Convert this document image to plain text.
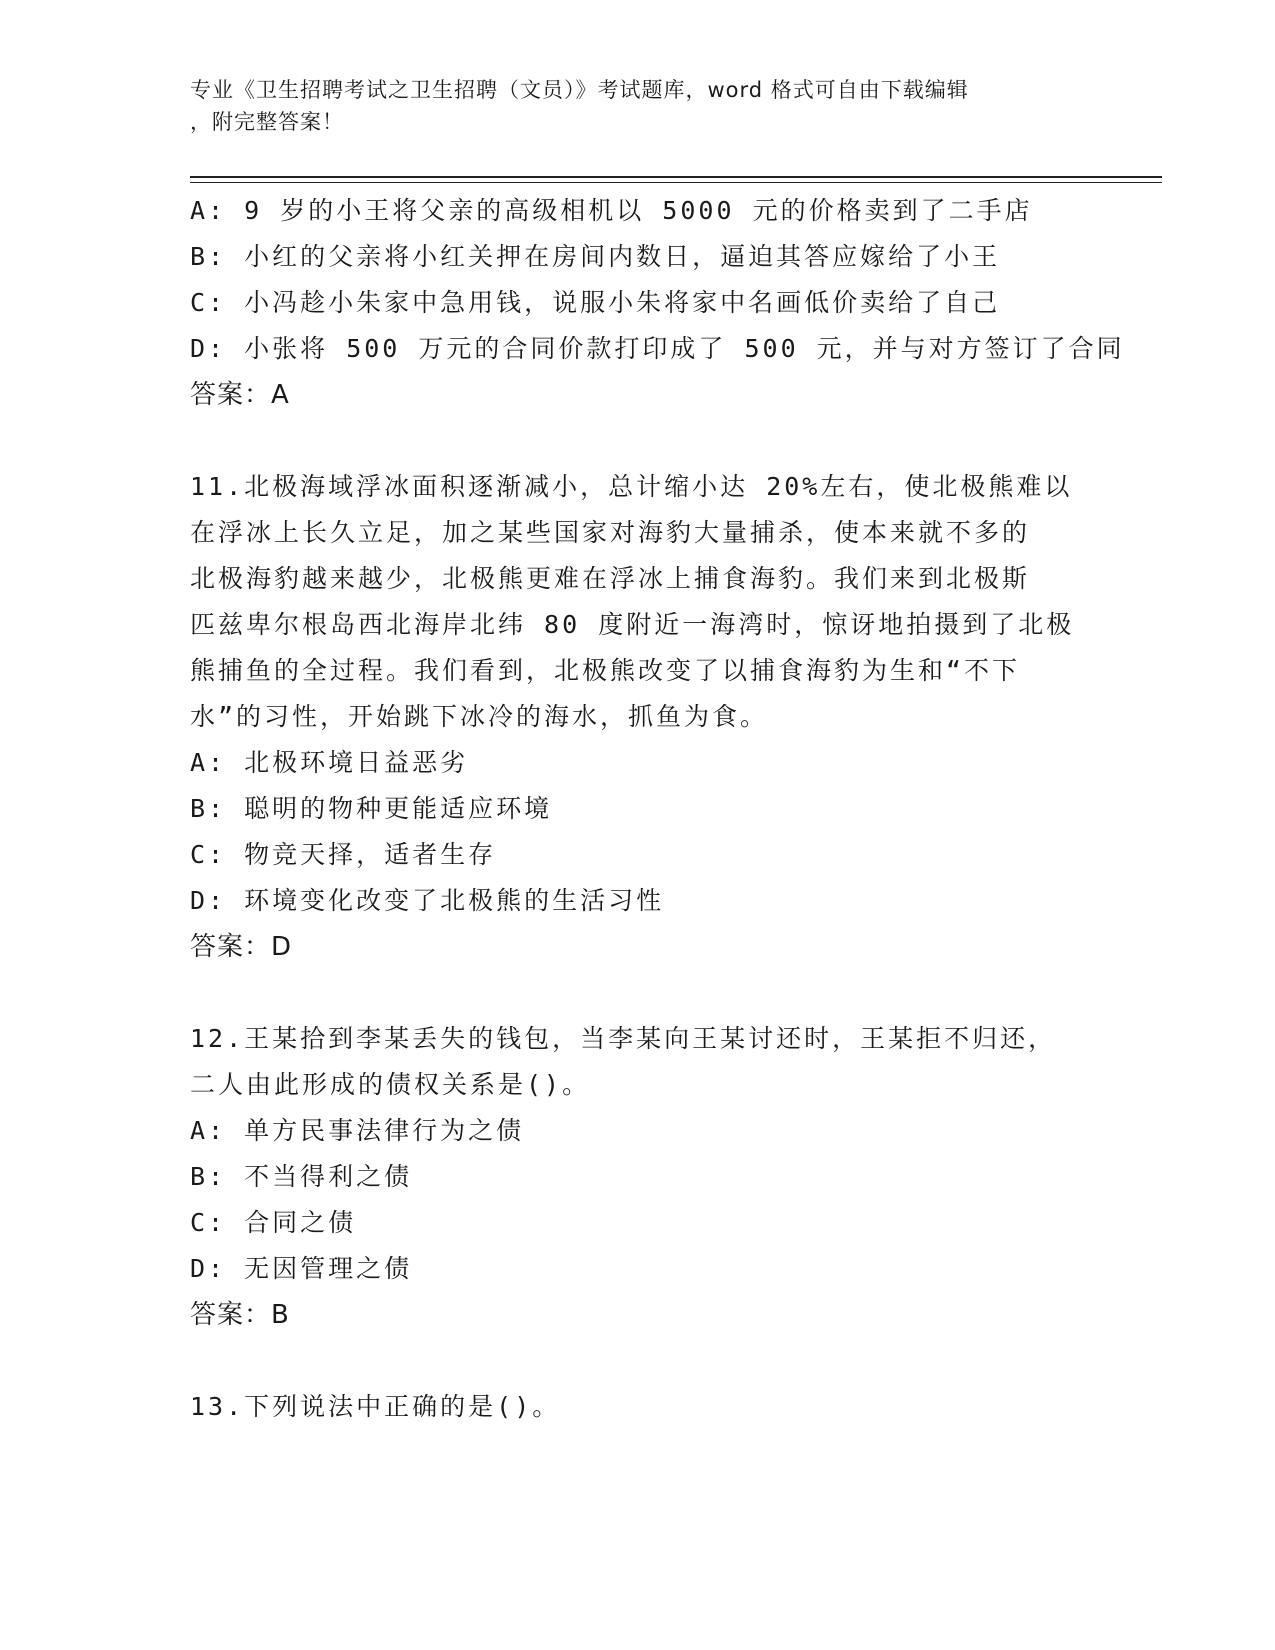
专业《卫生招聘考试之卫生招聘（文员）》考试题库，word 格式可自由下载编辑
，附完整答案！
A: 9 岁的小王将父亲的高级相机以 5000 元的价格卖到了二手店
B: 小红的父亲将小红关押在房间内数日，逼迫其答应嫁给了小王
C: 小冯趁小朱家中急用钱，说服小朱将家中名画低价卖给了自己
D: 小张将 500 万元的合同价款打印成了 500 元，并与对方签订了合同
答案：A
11.北极海域浮冰面积逐渐减小，总计缩小达 20%左右，使北极熊难以
在浮冰上长久立足，加之某些国家对海豹大量捕杀，使本来就不多的
北极海豹越来越少，北极熊更难在浮冰上捕食海豹。我们来到北极斯
匹兹卑尔根岛西北海岸北纬 80 度附近一海湾时，惊讶地拍摄到了北极
熊捕鱼的全过程。我们看到，北极熊改变了以捕食海豹为生和“不下
水”的习性，开始跳下冰冷的海水，抓鱼为食。
A: 北极环境日益恶劣
B: 聪明的物种更能适应环境
C: 物竞天择，适者生存
D: 环境变化改变了北极熊的生活习性
答案：D
12.王某拾到李某丢失的钱包，当李某向王某讨还时，王某拒不归还，
二人由此形成的债权关系是()。
A: 单方民事法律行为之债
B: 不当得利之债
C: 合同之债
D: 无因管理之债
答案：B
13.下列说法中正确的是()。
